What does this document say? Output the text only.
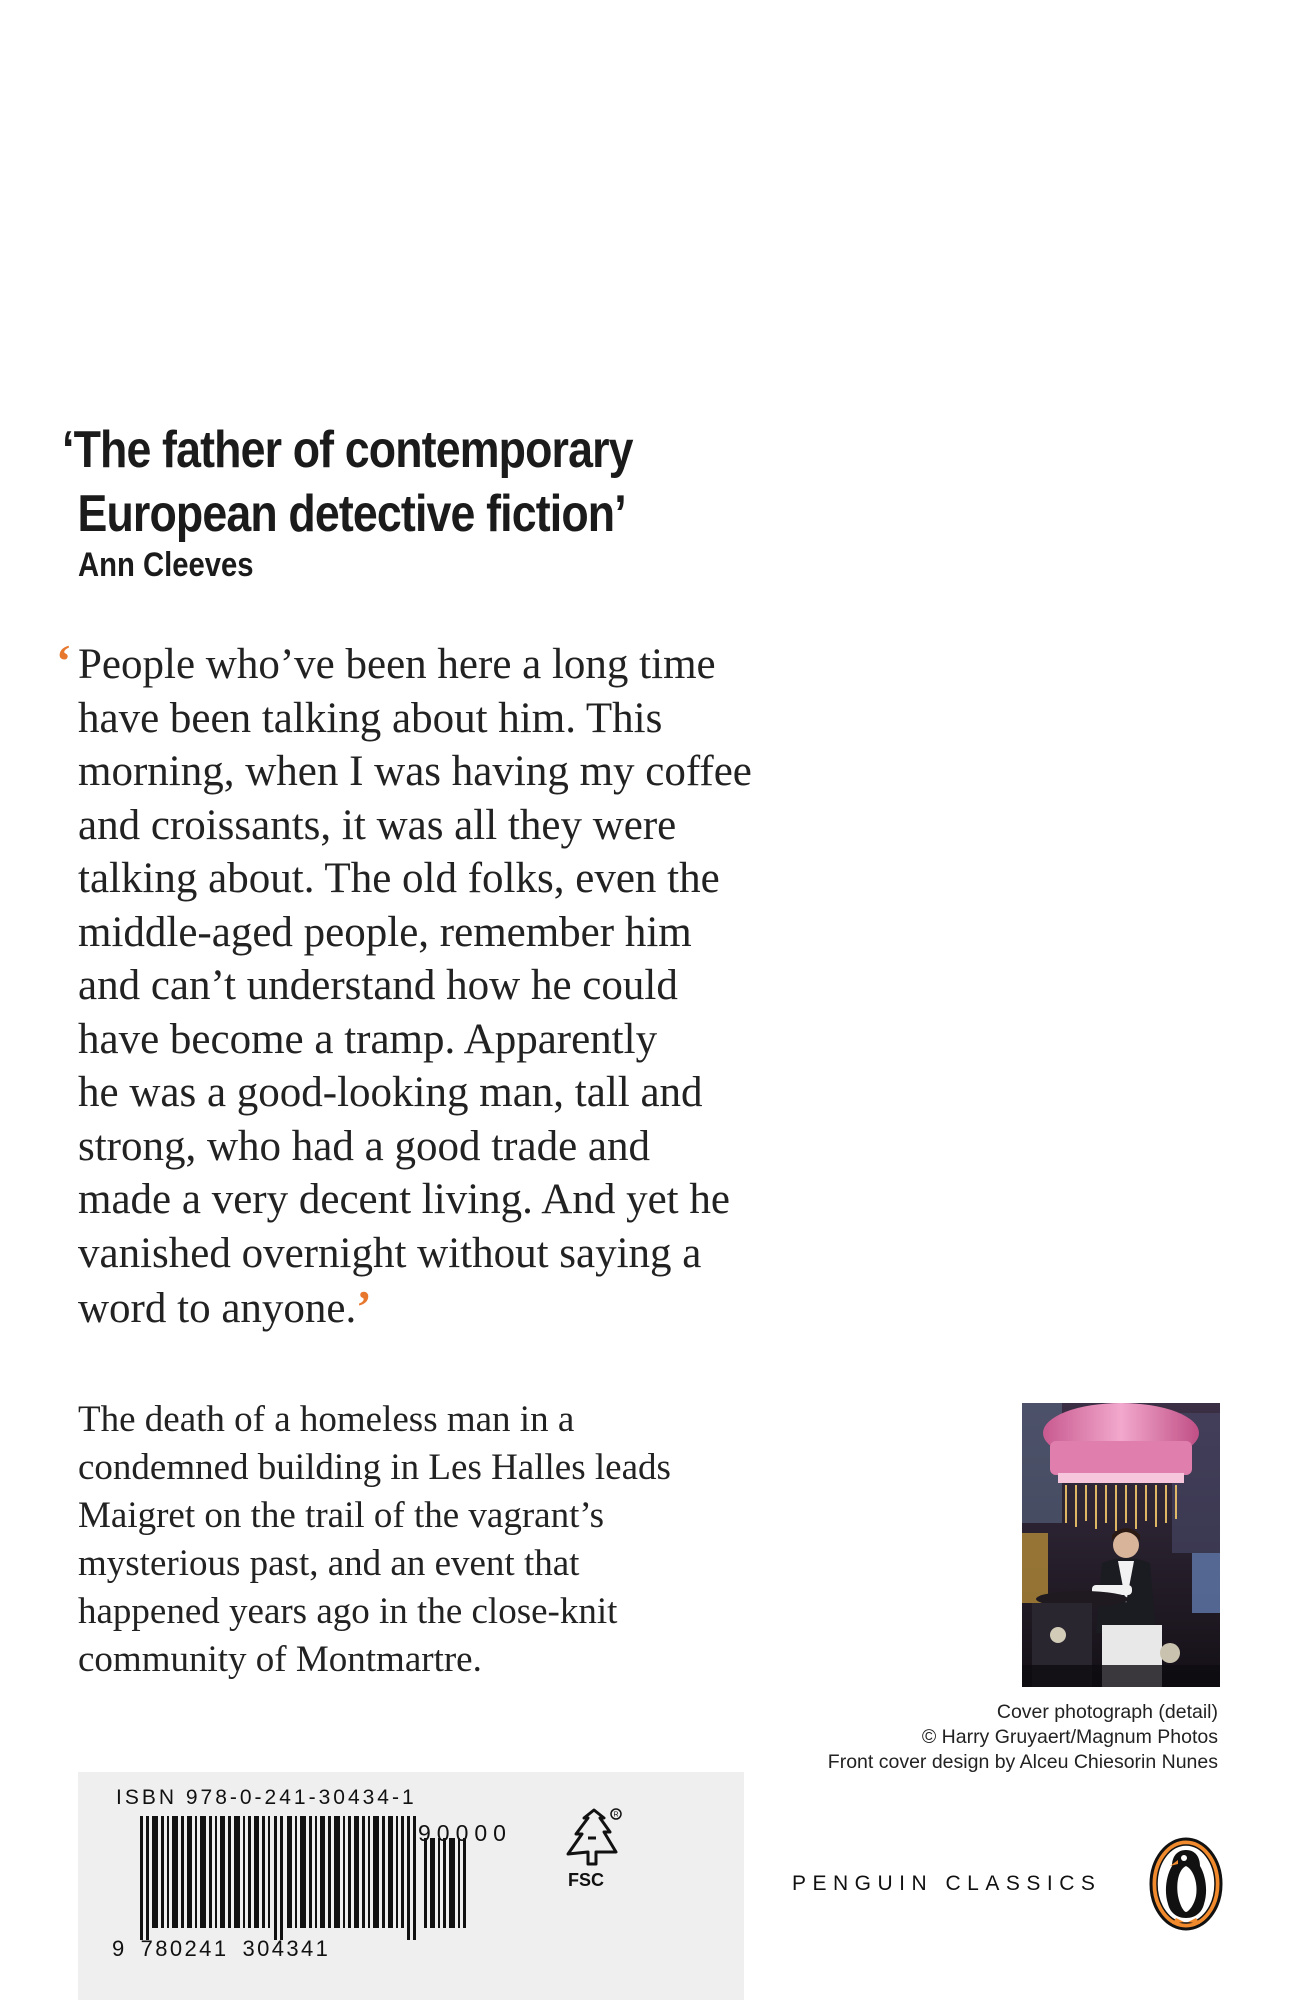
‘The father of contemporary
European detective fiction’
Ann Cleeves
‘ People who’ve been here a long time
have been talking about him. This
morning, when I was having my coffee
and croissants, it was all they were
talking about. The old folks, even the
middle-aged people, remember him
and can’t understand how he could
have become a tramp. Apparently
he was a good-looking man, tall and
strong, who had a good trade and
made a very decent living. And yet he
vanished overnight without saying a
word to anyone.’
The death of a homeless man in a
condemned building in Les Halles leads
Maigret on the trail of the vagrant’s
mysterious past, and an event that
happened years ago in the close-knit
community of Montmartre.
Cover photograph (detail)
© Harry Gruyaert/Magnum Photos
Front cover design by Alceu Chiesorin Nunes
ISBN 978-0-241-30434-1
90000
9 780241 304341
R
FSC	PENGUIN CLASSICS
